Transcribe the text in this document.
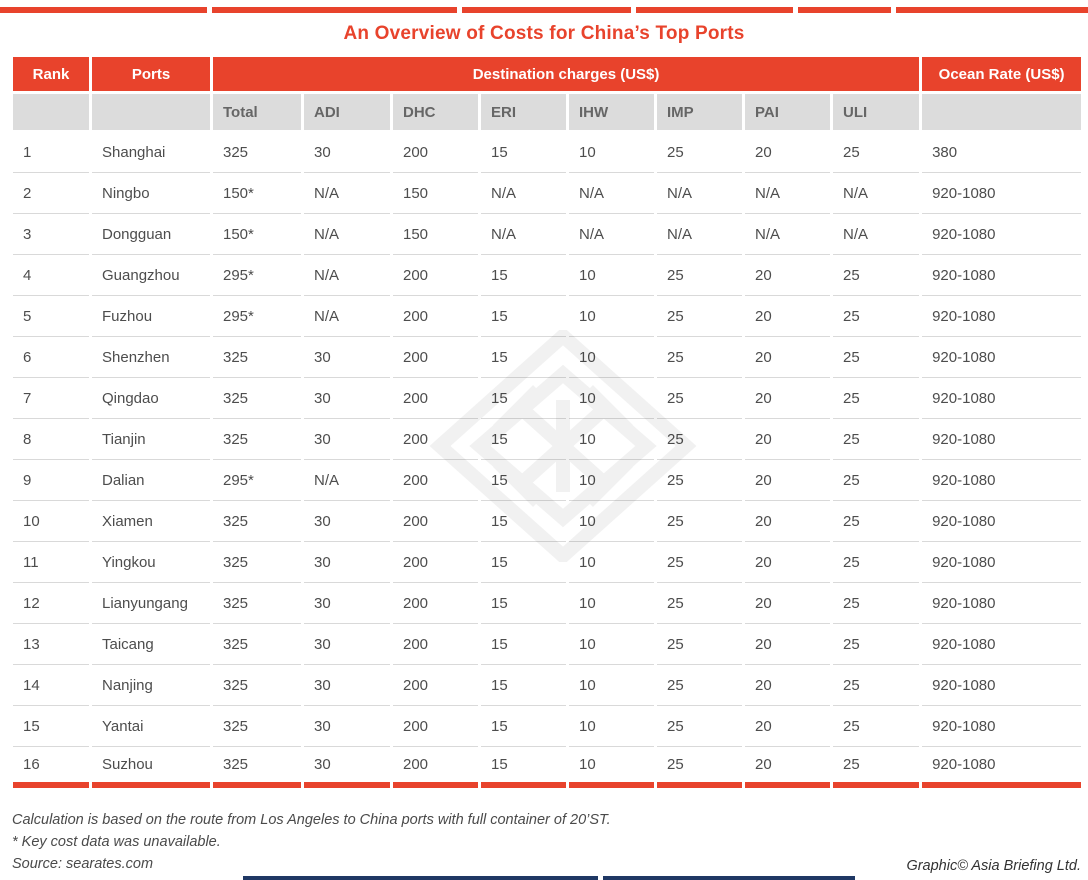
An Overview of Costs for China’s Top Ports
Rank	Ports	Destination charges (US$)								Ocean Rate (US$)
		Total	ADI	DHC	ERI	IHW	IMP	PAI	ULI	
1	Shanghai	325	30	200	15	10	25	20	25	380
2	Ningbo	150*	N/A	150	N/A	N/A	N/A	N/A	N/A	920-1080
3	Dongguan	150*	N/A	150	N/A	N/A	N/A	N/A	N/A	920-1080
4	Guangzhou	295*	N/A	200	15	10	25	20	25	920-1080
5	Fuzhou	295*	N/A	200	15	10	25	20	25	920-1080
6	Shenzhen	325	30	200	15	10	25	20	25	920-1080
7	Qingdao	325	30	200	15	10	25	20	25	920-1080
8	Tianjin	325	30	200	15	10	25	20	25	920-1080
9	Dalian	295*	N/A	200	15	10	25	20	25	920-1080
10	Xiamen	325	30	200	15	10	25	20	25	920-1080
11	Yingkou	325	30	200	15	10	25	20	25	920-1080
12	Lianyungang	325	30	200	15	10	25	20	25	920-1080
13	Taicang	325	30	200	15	10	25	20	25	920-1080
14	Nanjing	325	30	200	15	10	25	20	25	920-1080
15	Yantai	325	30	200	15	10	25	20	25	920-1080
16	Suzhou	325	30	200	15	10	25	20	25	920-1080
Calculation is based on the route from Los Angeles to China ports with full container of 20’ST.
* Key cost data was unavailable.
Source: searates.com	Graphic© Asia Briefing Ltd.
